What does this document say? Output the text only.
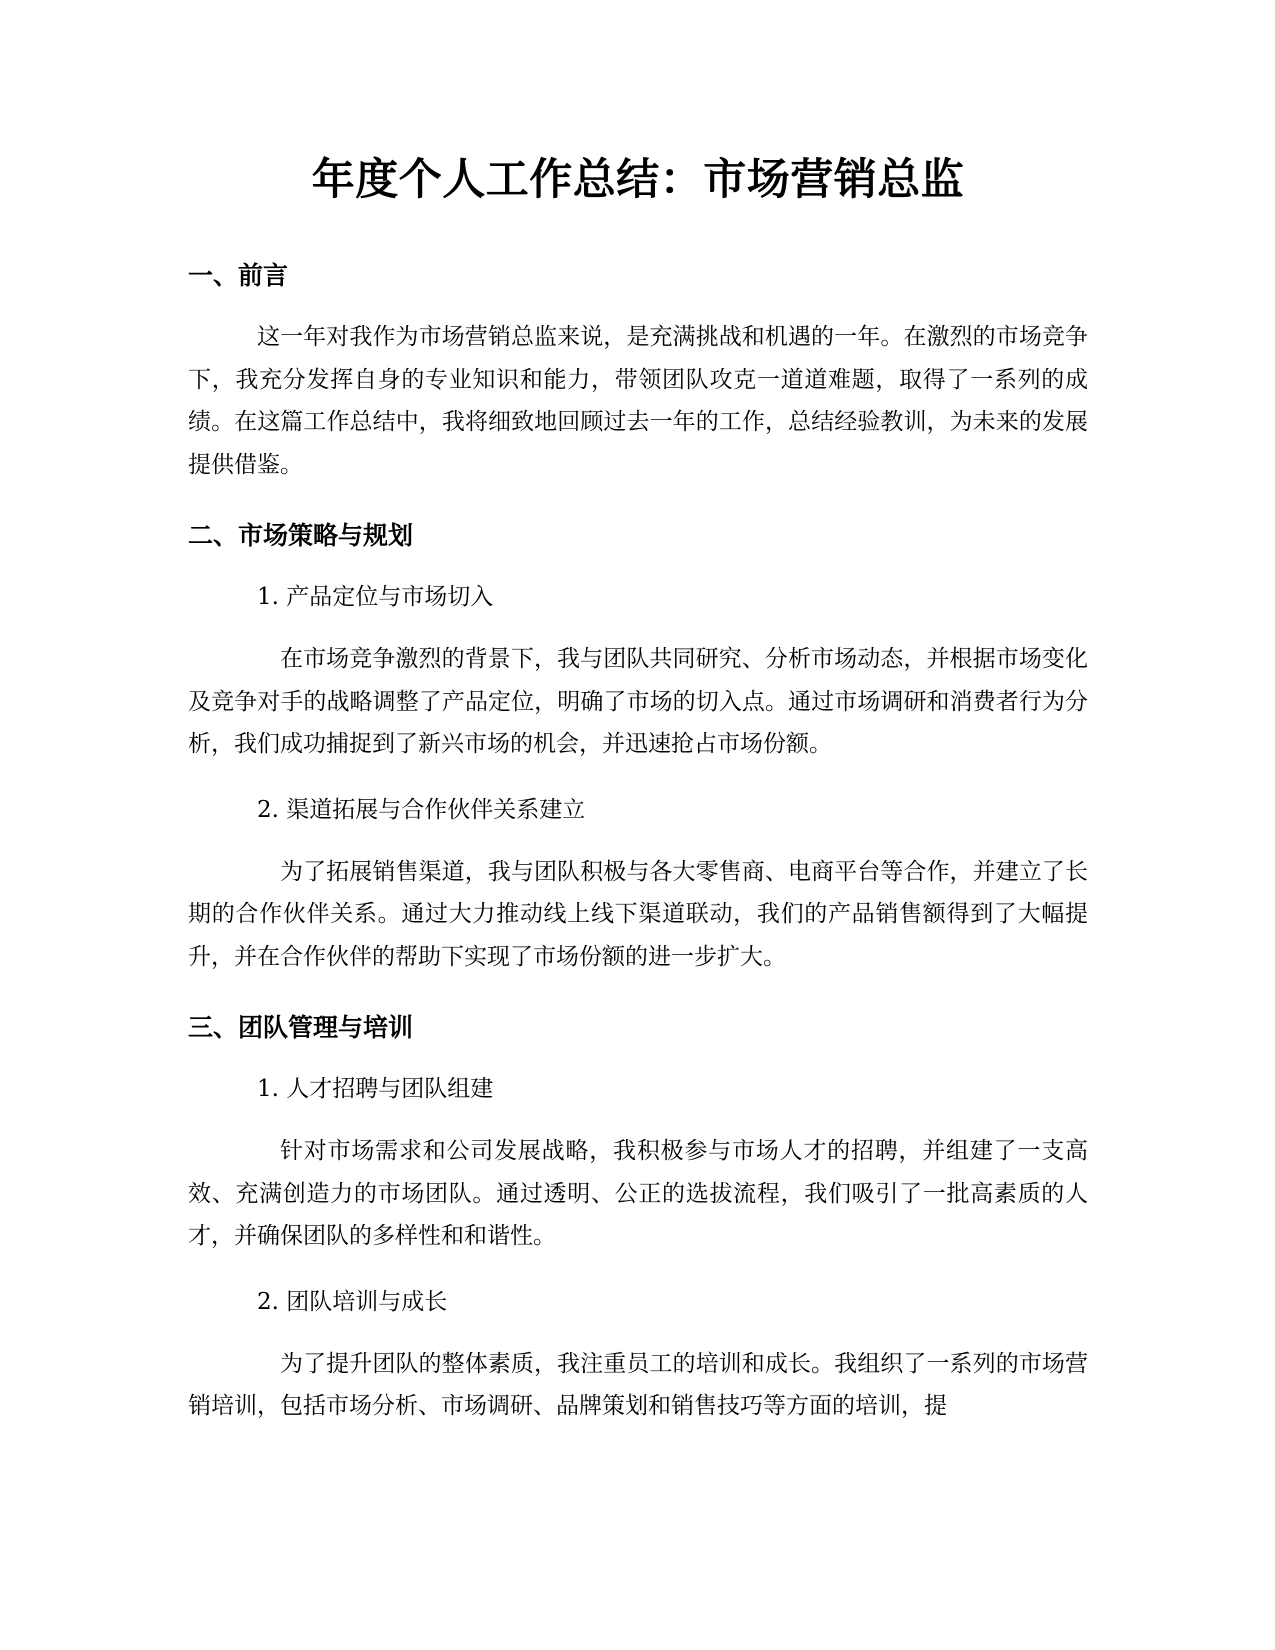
年度个人工作总结：市场营销总监
一、前言

这一年对我作为市场营销总监来说，是充满挑战和机遇的一年。在激烈的市场竞争下，我充分发挥自身的专业知识和能力，带领团队攻克一道道难题，取得了一系列的成绩。在这篇工作总结中，我将细致地回顾过去一年的工作，总结经验教训，为未来的发展提供借鉴。

二、市场策略与规划
1. 产品定位与市场切入

在市场竞争激烈的背景下，我与团队共同研究、分析市场动态，并根据市场变化及竞争对手的战略调整了产品定位，明确了市场的切入点。通过市场调研和消费者行为分析，我们成功捕捉到了新兴市场的机会，并迅速抢占市场份额。

2. 渠道拓展与合作伙伴关系建立

为了拓展销售渠道，我与团队积极与各大零售商、电商平台等合作，并建立了长期的合作伙伴关系。通过大力推动线上线下渠道联动，我们的产品销售额得到了大幅提升，并在合作伙伴的帮助下实现了市场份额的进一步扩大。

三、团队管理与培训
1. 人才招聘与团队组建

针对市场需求和公司发展战略，我积极参与市场人才的招聘，并组建了一支高效、充满创造力的市场团队。通过透明、公正的选拔流程，我们吸引了一批高素质的人才，并确保团队的多样性和和谐性。

2. 团队培训与成长

为了提升团队的整体素质，我注重员工的培训和成长。我组织了一系列的市场营销培训，包括市场分析、市场调研、品牌策划和销售技巧等方面的培训，提
